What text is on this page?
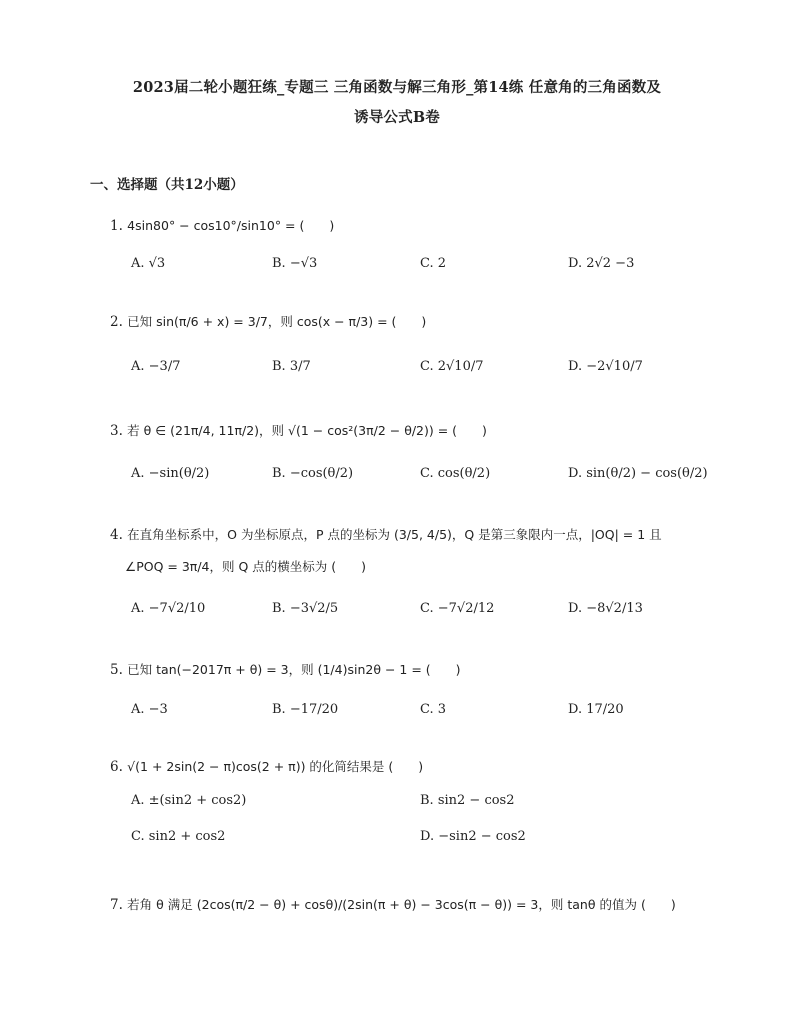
2023届二轮小题狂练_专题三 三角函数与解三角形_第14练 任意角的三角函数及
诱导公式B卷
一、选择题（共12小题）
1. 4sin80° − cos10°/sin10° = (　　)
A. √3	B. −√3	C. 2	D. 2√2 −3
2. 已知 sin(π/6 + x) = 3/7，则 cos(x − π/3) = (　　)
A. −3/7	B. 3/7	C. 2√10/7	D. −2√10/7
3. 若 θ ∈ (21π/4, 11π/2)，则 √(1 − cos²(3π/2 − θ/2)) = (　　)
A. −sin(θ/2)	B. −cos(θ/2)	C. cos(θ/2)	D. sin(θ/2) − cos(θ/2)
4. 在直角坐标系中，O 为坐标原点，P 点的坐标为 (3/5, 4/5)，Q 是第三象限内一点，|OQ| = 1 且
∠POQ = 3π/4，则 Q 点的横坐标为 (　　)
A. −7√2/10	B. −3√2/5	C. −7√2/12	D. −8√2/13
5. 已知 tan(−2017π + θ) = 3，则 (1/4)sin2θ − 1 = (　　)
A. −3	B. −17/20	C. 3	D. 17/20
6. √(1 + 2sin(2 − π)cos(2 + π)) 的化简结果是 (　　)
A. ±(sin2 + cos2)	B. sin2 − cos2
C. sin2 + cos2	D. −sin2 − cos2
7. 若角 θ 满足 (2cos(π/2 − θ) + cosθ)/(2sin(π + θ) − 3cos(π − θ)) = 3，则 tanθ 的值为 (　　)
